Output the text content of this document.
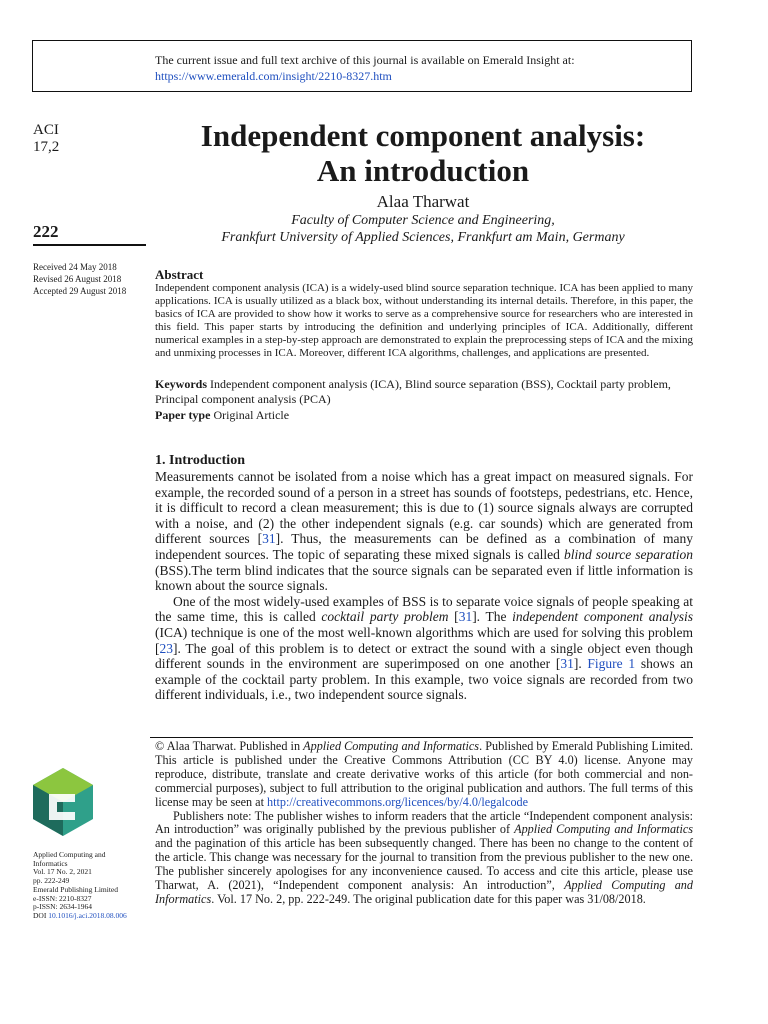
The current issue and full text archive of this journal is available on Emerald Insight at:
https://www.emerald.com/insight/2210-8327.htm
ACI
17,2
222
Received 24 May 2018
Revised 26 August 2018
Accepted 29 August 2018
Independent component analysis:
An introduction
Alaa Tharwat
Faculty of Computer Science and Engineering,
Frankfurt University of Applied Sciences, Frankfurt am Main, Germany
Abstract

Independent component analysis (ICA) is a widely-used blind source separation technique. ICA has been applied to many applications. ICA is usually utilized as a black box, without understanding its internal details. Therefore, in this paper, the basics of ICA are provided to show how it works to serve as a comprehensive source for researchers who are interested in this field. This paper starts by introducing the definition and underlying principles of ICA. Additionally, different numerical examples in a step-by-step approach are demonstrated to explain the preprocessing steps of ICA and the mixing and unmixing processes in ICA. Moreover, different ICA algorithms, challenges, and applications are presented.

Keywords Independent component analysis (ICA), Blind source separation (BSS), Cocktail party problem, Principal component analysis (PCA)
Paper type Original Article
1. Introduction

Measurements cannot be isolated from a noise which has a great impact on measured signals. For example, the recorded sound of a person in a street has sounds of footsteps, pedestrians, etc. Hence, it is difficult to record a clean measurement; this is due to (1) source signals always are corrupted with a noise, and (2) the other independent signals (e.g. car sounds) which are generated from different sources [31]. Thus, the measurements can be defined as a combination of many independent sources. The topic of separating these mixed signals is called blind source separation (BSS).The term blind indicates that the source signals can be separated even if little information is known about the source signals.

One of the most widely-used examples of BSS is to separate voice signals of people speaking at the same time, this is called cocktail party problem [31]. The independent component analysis (ICA) technique is one of the most well-known algorithms which are used for solving this problem [23]. The goal of this problem is to detect or extract the sound with a single object even though different sounds in the environment are superimposed on one another [31]. Figure 1 shows an example of the cocktail party problem. In this example, two voice signals are recorded from two different individuals, i.e., two independent source signals.

© Alaa Tharwat. Published in Applied Computing and Informatics. Published by Emerald Publishing Limited. This article is published under the Creative Commons Attribution (CC BY 4.0) license. Anyone may reproduce, distribute, translate and create derivative works of this article (for both commercial and non-commercial purposes), subject to full attribution to the original publication and authors. The full terms of this license may be seen at http://creativecommons.org/licences/by/4.0/legalcode

Publishers note: The publisher wishes to inform readers that the article “Independent component analysis: An introduction” was originally published by the previous publisher of Applied Computing and Informatics and the pagination of this article has been subsequently changed. There has been no change to the content of the article. This change was necessary for the journal to transition from the previous publisher to the new one. The publisher sincerely apologises for any inconvenience caused. To access and cite this article, please use Tharwat, A. (2021), “Independent component analysis: An introduction”, Applied Computing and Informatics. Vol. 17 No. 2, pp. 222-249. The original publication date for this paper was 31/08/2018.

Applied Computing and
Informatics
Vol. 17 No. 2, 2021
pp. 222-249
Emerald Publishing Limited
e-ISSN: 2210-8327
p-ISSN: 2634-1964
DOI 10.1016/j.aci.2018.08.006
